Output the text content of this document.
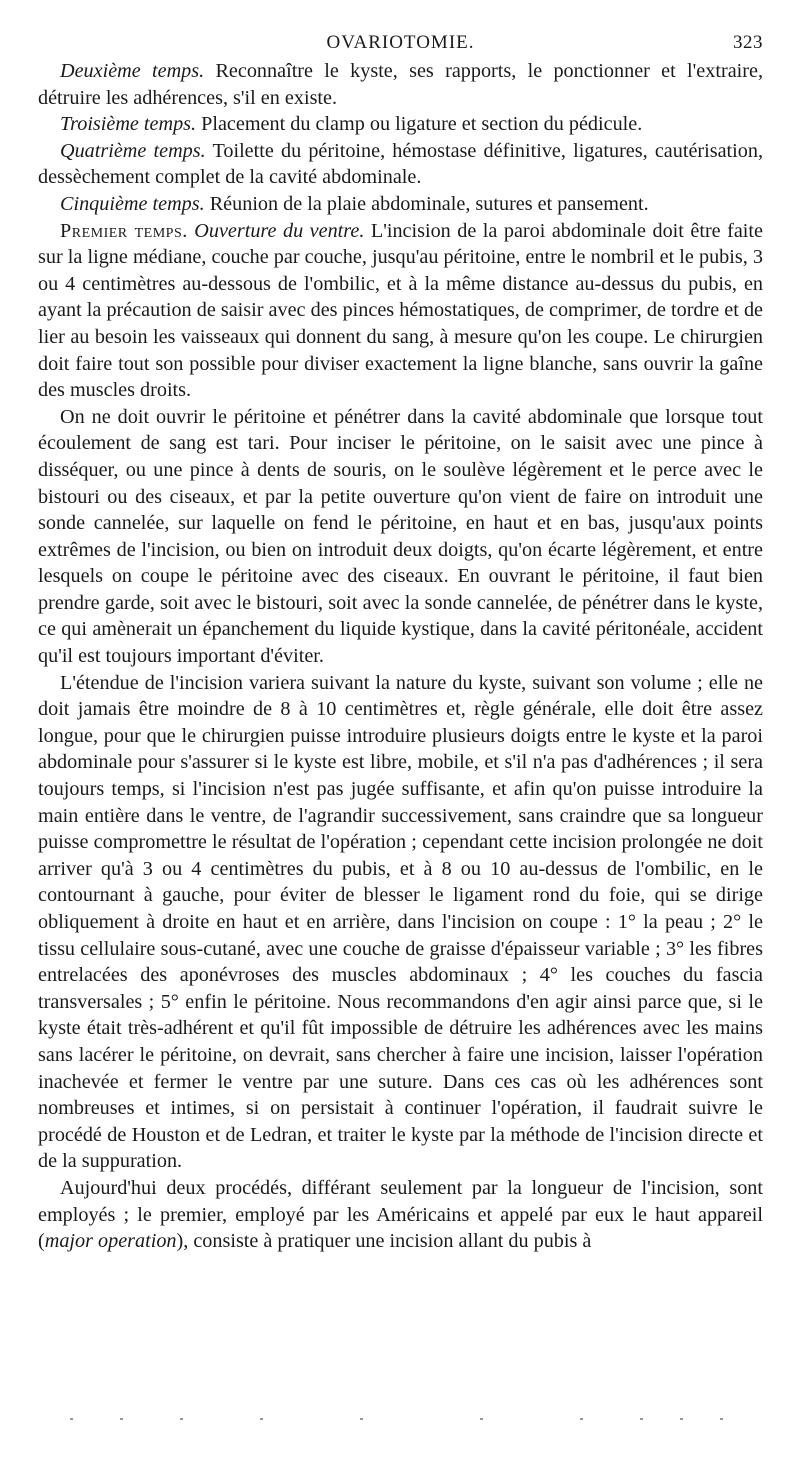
OVARIOTOMIE.	323

Deuxième temps. Reconnaître le kyste, ses rapports, le ponctionner et l'extraire, détruire les adhérences, s'il en existe.

Troisième temps. Placement du clamp ou ligature et section du pédicule.

Quatrième temps. Toilette du péritoine, hémostase définitive, ligatures, cautérisation, dessèchement complet de la cavité abdominale.

Cinquième temps. Réunion de la plaie abdominale, sutures et pansement.

Premier temps. Ouverture du ventre. L'incision de la paroi abdominale doit être faite sur la ligne médiane, couche par couche, jusqu'au péritoine, entre le nombril et le pubis, 3 ou 4 centimètres au-dessous de l'ombilic, et à la même distance au-dessus du pubis, en ayant la précaution de saisir avec des pinces hémostatiques, de comprimer, de tordre et de lier au besoin les vaisseaux qui donnent du sang, à mesure qu'on les coupe. Le chirurgien doit faire tout son possible pour diviser exactement la ligne blanche, sans ouvrir la gaîne des muscles droits.

On ne doit ouvrir le péritoine et pénétrer dans la cavité abdominale que lorsque tout écoulement de sang est tari. Pour inciser le péritoine, on le saisit avec une pince à disséquer, ou une pince à dents de souris, on le soulève légèrement et le perce avec le bistouri ou des ciseaux, et par la petite ouverture qu'on vient de faire on introduit une sonde cannelée, sur laquelle on fend le péritoine, en haut et en bas, jusqu'aux points extrêmes de l'incision, ou bien on introduit deux doigts, qu'on écarte légèrement, et entre lesquels on coupe le péritoine avec des ciseaux. En ouvrant le péritoine, il faut bien prendre garde, soit avec le bistouri, soit avec la sonde cannelée, de pénétrer dans le kyste, ce qui amènerait un épanchement du liquide kystique, dans la cavité péritonéale, accident qu'il est toujours important d'éviter.

L'étendue de l'incision variera suivant la nature du kyste, suivant son volume ; elle ne doit jamais être moindre de 8 à 10 centimètres et, règle générale, elle doit être assez longue, pour que le chirurgien puisse introduire plusieurs doigts entre le kyste et la paroi abdominale pour s'assurer si le kyste est libre, mobile, et s'il n'a pas d'adhérences ; il sera toujours temps, si l'incision n'est pas jugée suffisante, et afin qu'on puisse introduire la main entière dans le ventre, de l'agrandir successivement, sans craindre que sa longueur puisse compromettre le résultat de l'opération ; cependant cette incision prolongée ne doit arriver qu'à 3 ou 4 centimètres du pubis, et à 8 ou 10 au-dessus de l'ombilic, en le contournant à gauche, pour éviter de blesser le ligament rond du foie, qui se dirige obliquement à droite en haut et en arrière, dans l'incision on coupe : 1° la peau ; 2° le tissu cellulaire sous-cutané, avec une couche de graisse d'épaisseur variable ; 3° les fibres entrelacées des aponévroses des muscles abdominaux ; 4° les couches du fascia transversales ; 5° enfin le péritoine. Nous recommandons d'en agir ainsi parce que, si le kyste était très-adhérent et qu'il fût impossible de détruire les adhérences avec les mains sans lacérer le péritoine, on devrait, sans chercher à faire une incision, laisser l'opération inachevée et fermer le ventre par une suture. Dans ces cas où les adhérences sont nombreuses et intimes, si on persistait à continuer l'opération, il faudrait suivre le procédé de Houston et de Ledran, et traiter le kyste par la méthode de l'incision directe et de la suppuration.

Aujourd'hui deux procédés, différant seulement par la longueur de l'incision, sont employés ; le premier, employé par les Américains et appelé par eux le haut appareil (major operation), consiste à pratiquer une incision allant du pubis à
